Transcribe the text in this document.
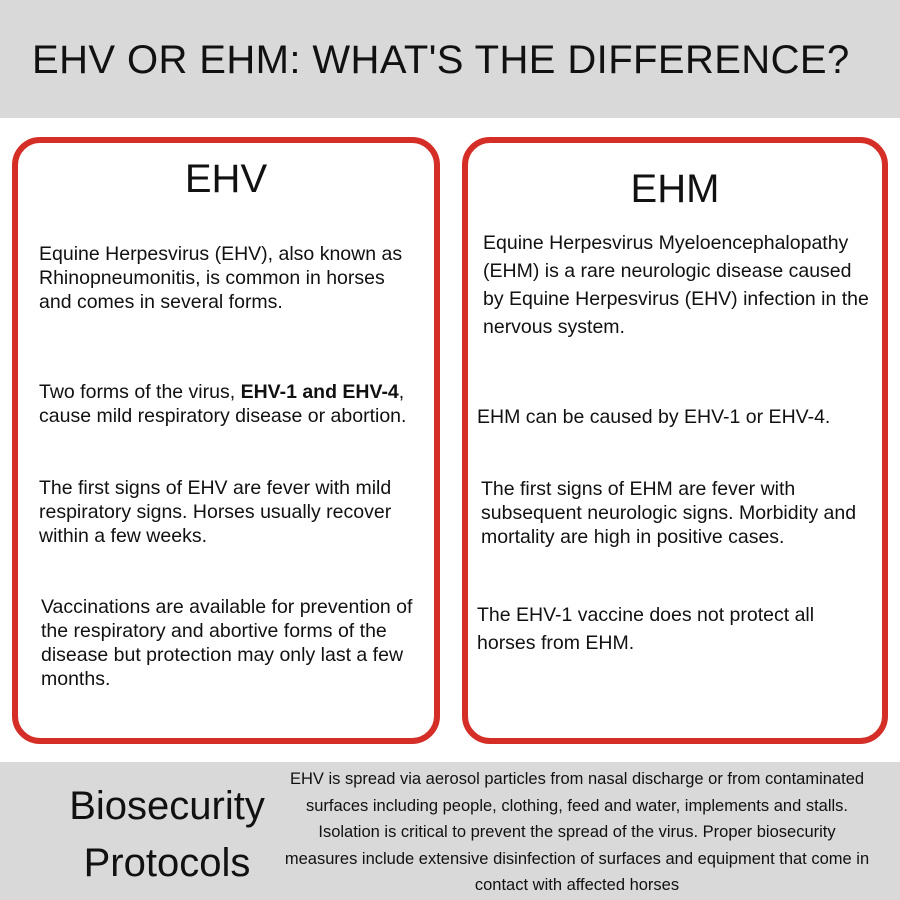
EHV OR EHM: WHAT'S THE DIFFERENCE?
EHV

Equine Herpesvirus (EHV), also known as Rhinopneumonitis, is common in horses and comes in several forms.

Two forms of the virus, EHV-1 and EHV-4, cause mild respiratory disease or abortion.

The first signs of EHV are fever with mild respiratory signs. Horses usually recover within a few weeks.

Vaccinations are available for prevention of the respiratory and abortive forms of the disease but protection may only last a few months.

EHM

Equine Herpesvirus Myeloencephalopathy (EHM) is a rare neurologic disease caused by Equine Herpesvirus (EHV) infection in the nervous system.

EHM can be caused by EHV-1 or EHV-4.

The first signs of EHM are fever with subsequent neurologic signs. Morbidity and mortality are high in positive cases.

The EHV-1 vaccine does not protect all horses from EHM.

Biosecurity Protocols

EHV is spread via aerosol particles from nasal discharge or from contaminated surfaces including people, clothing, feed and water, implements and stalls. Isolation is critical to prevent the spread of the virus. Proper biosecurity measures include extensive disinfection of surfaces and equipment that come in contact with affected horses
